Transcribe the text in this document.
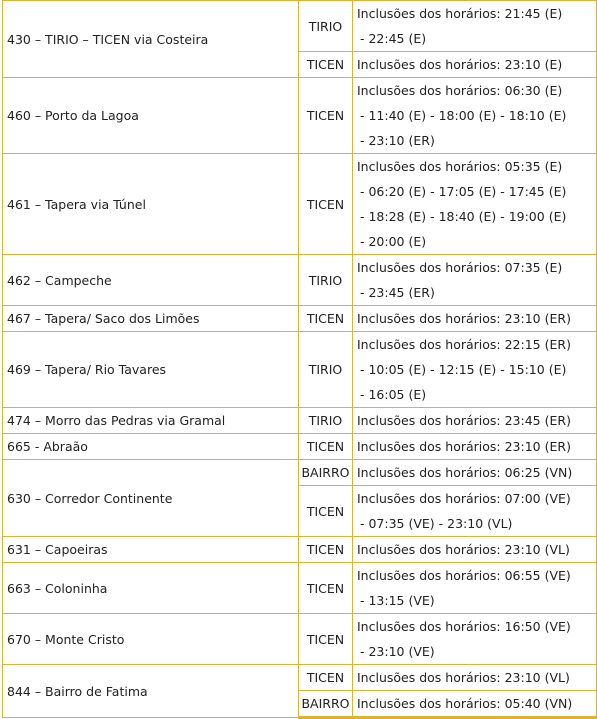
430 – TIRIO – TICEN via Costeira	TIRIO	Inclusões dos horários: 21:45 (E)
- 22:45 (E)

	TICEN	Inclusões dos horários: 23:10 (E)

460 – Porto da Lagoa	TICEN	Inclusões dos horários: 06:30 (E)
- 11:40 (E) - 18:00 (E) - 18:10 (E)
- 23:10 (ER)

461 – Tapera via Túnel	TICEN	Inclusões dos horários: 05:35 (E)
- 06:20 (E) - 17:05 (E) - 17:45 (E)
- 18:28 (E) - 18:40 (E) - 19:00 (E)
- 20:00 (E)

462 – Campeche	TIRIO	Inclusões dos horários: 07:35 (E)
- 23:45 (ER)

467 – Tapera/ Saco dos Limões	TICEN	Inclusões dos horários: 23:10 (ER)

469 – Tapera/ Rio Tavares	TIRIO	Inclusões dos horários: 22:15 (ER)
- 10:05 (E) - 12:15 (E) - 15:10 (E)
- 16:05 (E)

474 – Morro das Pedras via Gramal	TIRIO	Inclusões dos horários: 23:45 (ER)

665 - Abraão	TICEN	Inclusões dos horários: 23:10 (ER)

630 – Corredor Continente	BAIRRO	Inclusões dos horários: 06:25 (VN)

	TICEN	Inclusões dos horários: 07:00 (VE)
- 07:35 (VE) - 23:10 (VL)

631 – Capoeiras	TICEN	Inclusões dos horários: 23:10 (VL)

663 – Coloninha	TICEN	Inclusões dos horários: 06:55 (VE)
- 13:15 (VE)

670 – Monte Cristo	TICEN	Inclusões dos horários: 16:50 (VE)
- 23:10 (VE)

844 – Bairro de Fatima	TICEN	Inclusões dos horários: 23:10 (VL)

	BAIRRO	Inclusões dos horários: 05:40 (VN)
